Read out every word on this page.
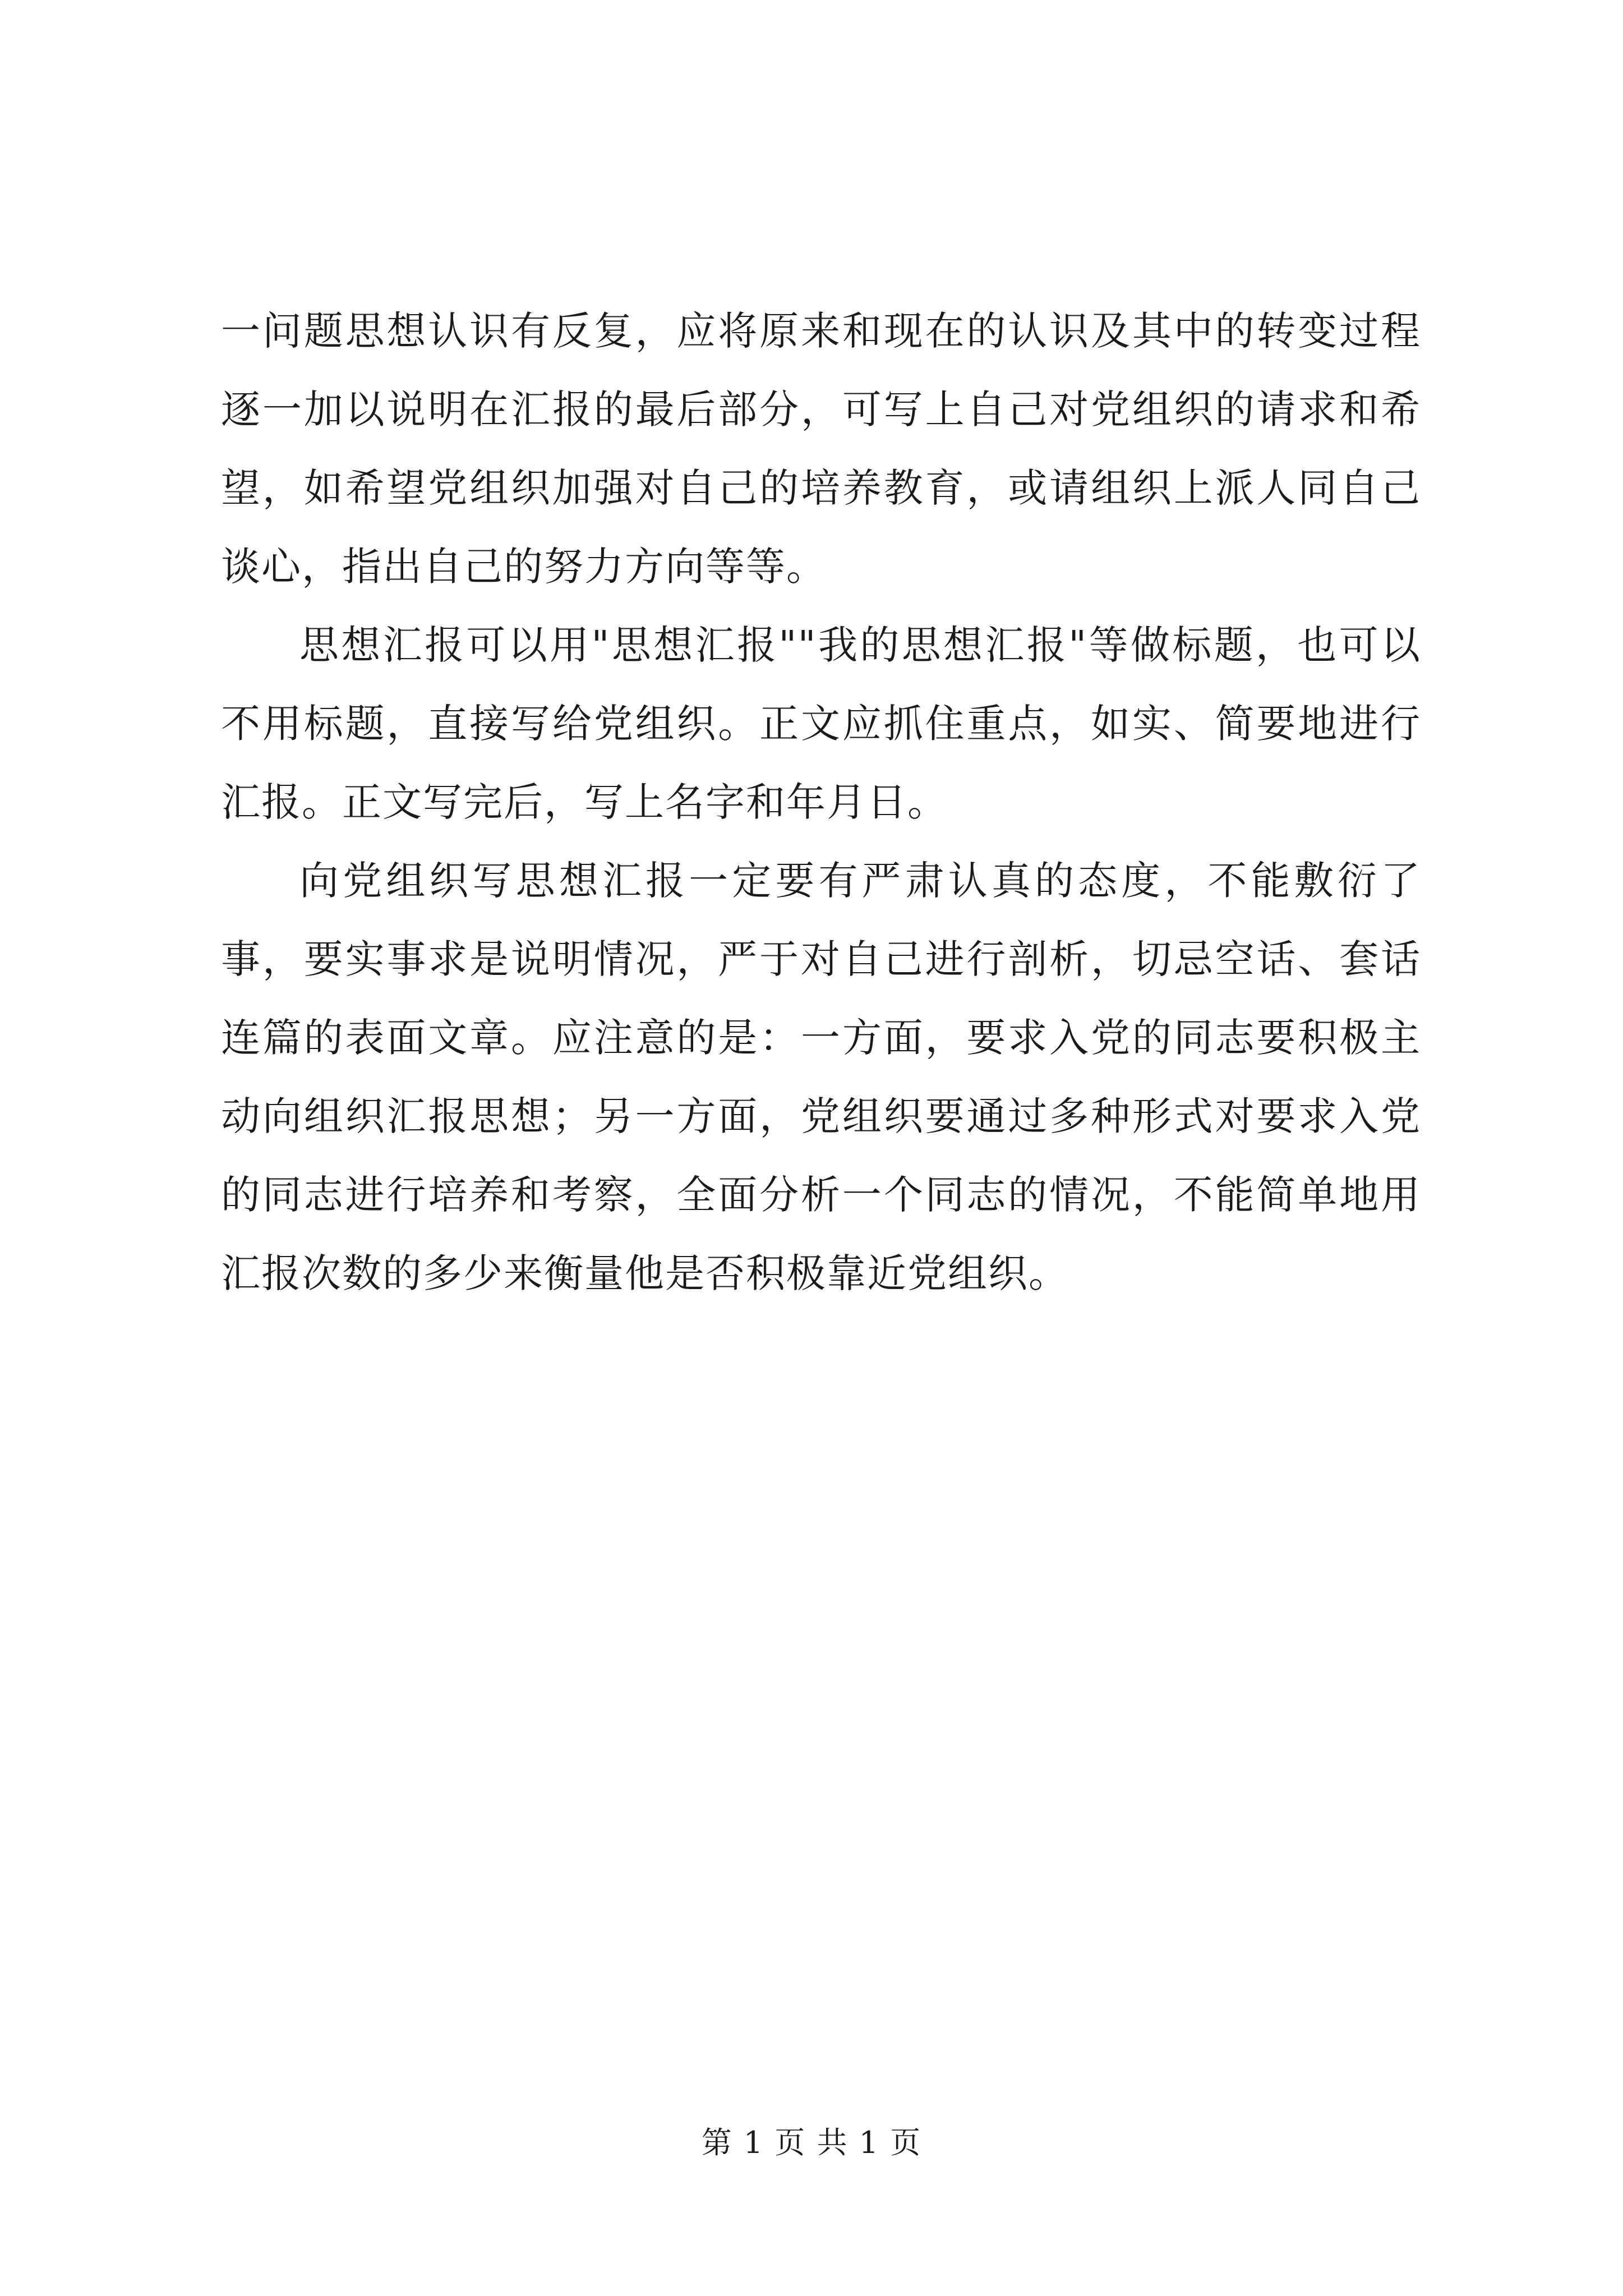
一问题思想认识有反复，应将原来和现在的认识及其中的转变过程逐一加以说明在汇报的最后部分，可写上自己对党组织的请求和希望，如希望党组织加强对自己的培养教育，或请组织上派人同自己谈心，指出自己的努力方向等等。

思想汇报可以用"思想汇报""我的思想汇报"等做标题，也可以不用标题，直接写给党组织。正文应抓住重点，如实、简要地进行汇报。正文写完后，写上名字和年月日。

向党组织写思想汇报一定要有严肃认真的态度，不能敷衍了事，要实事求是说明情况，严于对自己进行剖析，切忌空话、套话连篇的表面文章。应注意的是：一方面，要求入党的同志要积极主动向组织汇报思想；另一方面，党组织要通过多种形式对要求入党的同志进行培养和考察，全面分析一个同志的情况，不能简单地用汇报次数的多少来衡量他是否积极靠近党组织。

第 1 页 共 1 页
